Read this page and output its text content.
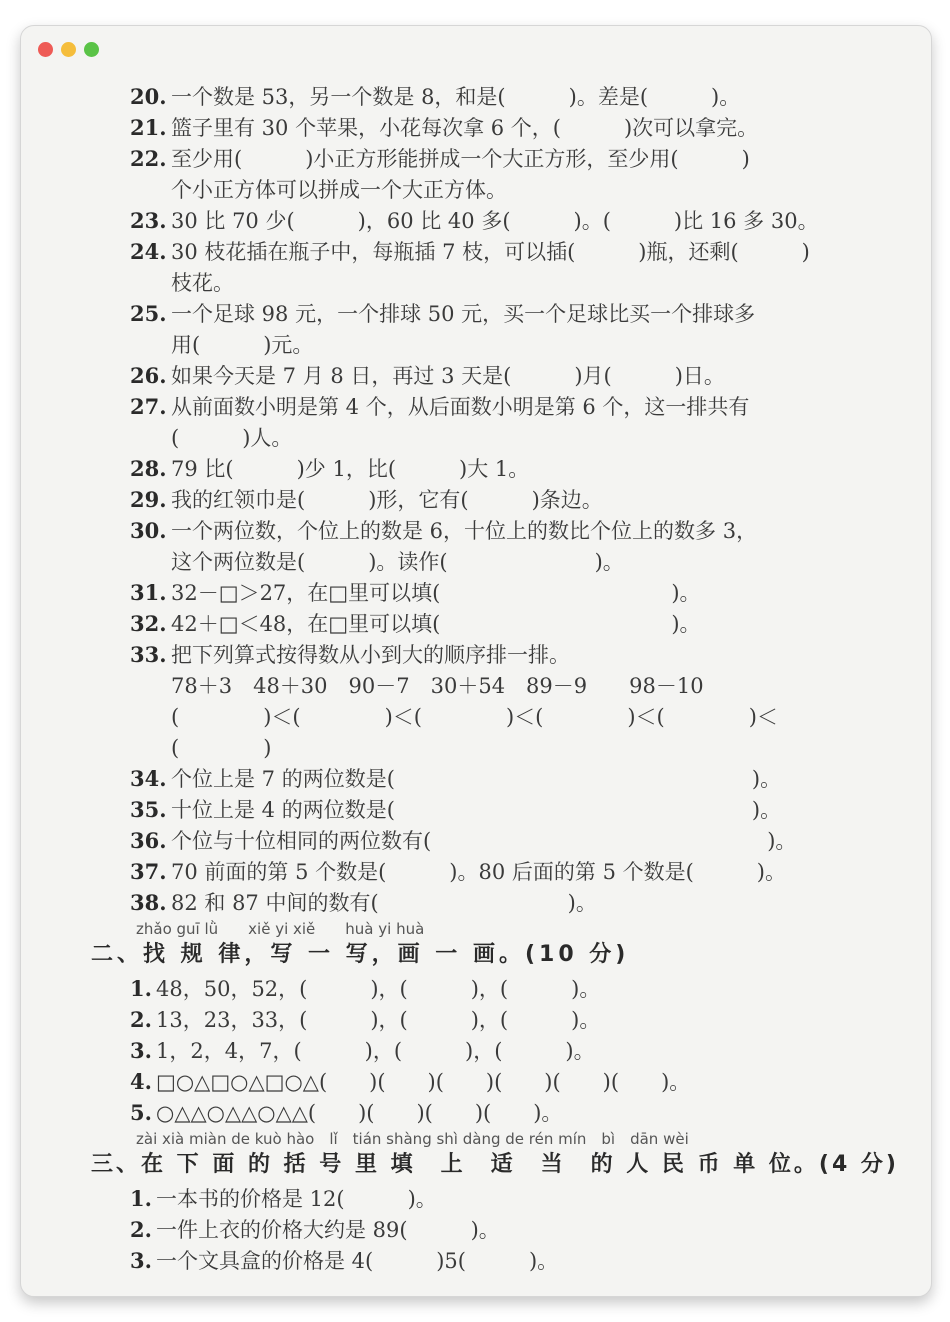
20. 一个数是 53，另一个数是 8，和是(　　　)。差是(　　　)。
21. 篮子里有 30 个苹果，小花每次拿 6 个，(　　　)次可以拿完。
22. 至少用(　　　)小正方形能拼成一个大正方形，至少用(　　　)
个小正方体可以拼成一个大正方体。
23. 30 比 70 少(　　　)，60 比 40 多(　　　)。(　　　)比 16 多 30。
24. 30 枝花插在瓶子中，每瓶插 7 枝，可以插(　　　)瓶，还剩(　　　)
枝花。
25. 一个足球 98 元，一个排球 50 元，买一个足球比买一个排球多
用(　　　)元。
26. 如果今天是 7 月 8 日，再过 3 天是(　　　)月(　　　)日。
27. 从前面数小明是第 4 个，从后面数小明是第 6 个，这一排共有
(　　　)人。
28. 79 比(　　　)少 1，比(　　　)大 1。
29. 我的红领巾是(　　　)形，它有(　　　)条边。
30. 一个两位数，个位上的数是 6，十位上的数比个位上的数多 3，
这个两位数是(　　　)。读作(　　　　　　　)。
31. 32－□＞27，在□里可以填(　　　　　　　　　　　)。
32. 42＋□＜48，在□里可以填(　　　　　　　　　　　)。
33. 把下列算式按得数从小到大的顺序排一排。
78＋3　48＋30　90－7　30＋54　89－9　　98－10
(　　　　)＜(　　　　)＜(　　　　)＜(　　　　)＜(　　　　)＜
(　　　　)
34. 个位上是 7 的两位数是(　　　　　　　　　　　　　　　　　)。
35. 十位上是 4 的两位数是(　　　　　　　　　　　　　　　　　)。
36. 个位与十位相同的两位数有(　　　　　　　　　　　　　　　　)。
37. 70 前面的第 5 个数是(　　　)。80 后面的第 5 个数是(　　　)。
38. 82 和 87 中间的数有(　　　　　　　　　)。
zhǎo guī lǜ　　xiě yi xiě　　huà yi huà
二、找 规 律，写 一 写，画 一 画。(10 分)
1. 48，50，52，(　　　)，(　　　)，(　　　)。
2. 13，23，33，(　　　)，(　　　)，(　　　)。
3. 1，2，4，7，(　　　)，(　　　)，(　　　)。
4. □○△□○△□○△(　　)(　　)(　　)(　　)(　　)(　　)。
5. ○△△○△△○△△(　　)(　　)(　　)(　　)。
zài xià miàn de kuò hào　lǐ　tián shàng shì dàng de rén mín　bì　dān wèi
三、在 下 面 的 括 号 里 填　上　适　当　的 人 民 币 单 位。(4 分)
1. 一本书的价格是 12(　　　)。
2. 一件上衣的价格大约是 89(　　　)。
3. 一个文具盒的价格是 4(　　　)5(　　　)。
